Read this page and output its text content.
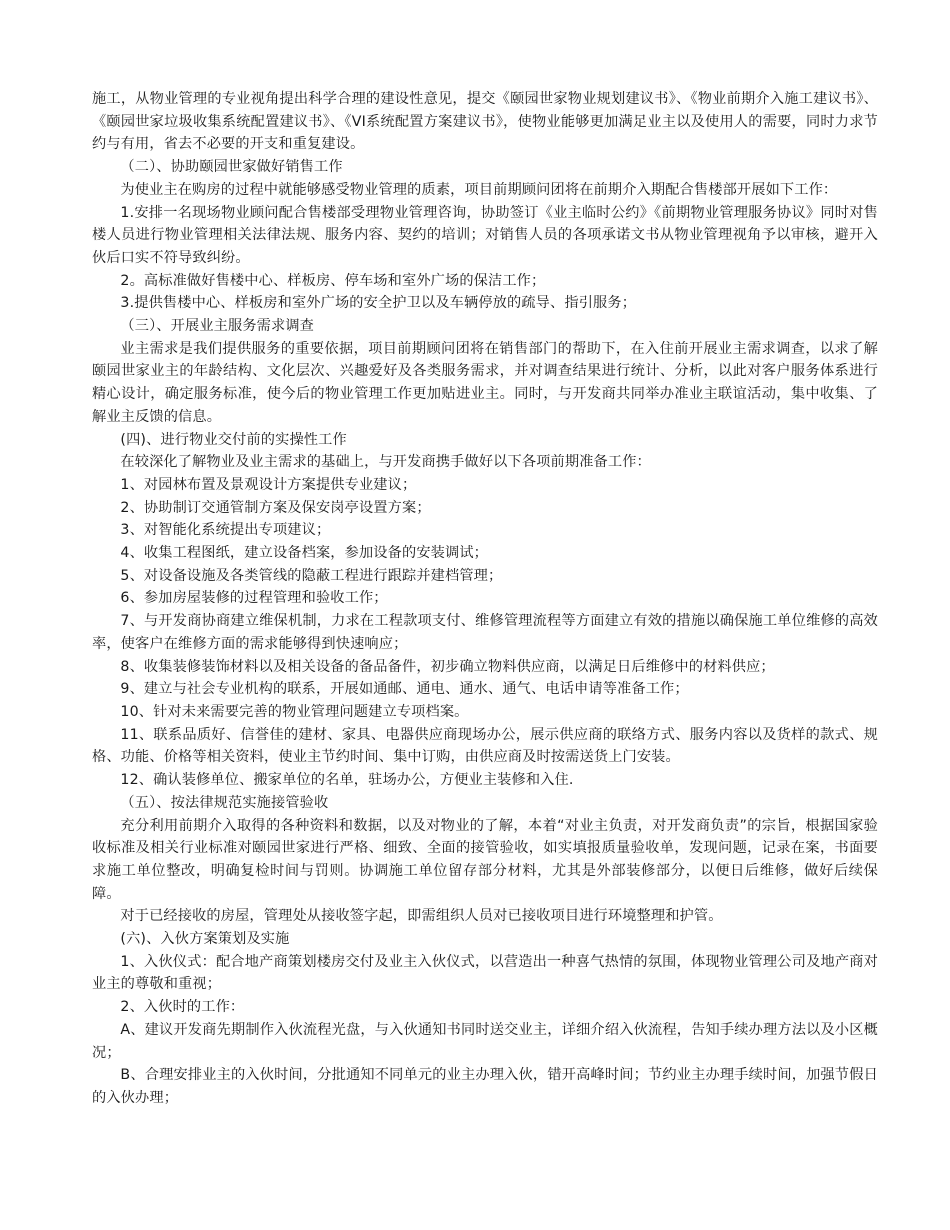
施工，从物业管理的专业视角提出科学合理的建设性意见，提交《颐园世家物业规划建议书》、《物业前期介入施工建议书》、《颐园世家垃圾收集系统配置建议书》、《VI系统配置方案建议书》，使物业能够更加满足业主以及使用人的需要，同时力求节约与有用，省去不必要的开支和重复建设。

（二）、协助颐园世家做好销售工作

为使业主在购房的过程中就能够感受物业管理的质素，项目前期顾问团将在前期介入期配合售楼部开展如下工作：

1.安排一名现场物业顾问配合售楼部受理物业管理咨询，协助签订《业主临时公约》《前期物业管理服务协议》同时对售楼人员进行物业管理相关法律法规、服务内容、契约的培训；对销售人员的各项承诺文书从物业管理视角予以审核，避开入伙后口实不符导致纠纷。

2。高标准做好售楼中心、样板房、停车场和室外广场的保洁工作；

3.提供售楼中心、样板房和室外广场的安全护卫以及车辆停放的疏导、指引服务；

（三）、开展业主服务需求调查

业主需求是我们提供服务的重要依据，项目前期顾问团将在销售部门的帮助下，在入住前开展业主需求调查，以求了解颐园世家业主的年龄结构、文化层次、兴趣爱好及各类服务需求，并对调查结果进行统计、分析，以此对客户服务体系进行精心设计，确定服务标准，使今后的物业管理工作更加贴进业主。同时，与开发商共同举办准业主联谊活动，集中收集、了解业主反馈的信息。

(四)、进行物业交付前的实操性工作

在较深化了解物业及业主需求的基础上，与开发商携手做好以下各项前期准备工作：

1、对园林布置及景观设计方案提供专业建议；

2、协助制订交通管制方案及保安岗亭设置方案；

3、对智能化系统提出专项建议；

4、收集工程图纸，建立设备档案，参加设备的安装调试；

5、对设备设施及各类管线的隐蔽工程进行跟踪并建档管理；

6、参加房屋装修的过程管理和验收工作；

7、与开发商协商建立维保机制，力求在工程款项支付、维修管理流程等方面建立有效的措施以确保施工单位维修的高效率，使客户在维修方面的需求能够得到快速响应；

8、收集装修装饰材料以及相关设备的备品备件，初步确立物料供应商，以满足日后维修中的材料供应；

9、建立与社会专业机构的联系，开展如通邮、通电、通水、通气、电话申请等准备工作；

10、针对未来需要完善的物业管理问题建立专项档案。

11、联系品质好、信誉佳的建材、家具、电器供应商现场办公，展示供应商的联络方式、服务内容以及货样的款式、规格、功能、价格等相关资料，使业主节约时间、集中订购，由供应商及时按需送货上门安装。

12、确认装修单位、搬家单位的名单，驻场办公，方便业主装修和入住.

（五）、按法律规范实施接管验收

充分利用前期介入取得的各种资料和数据，以及对物业的了解，本着“对业主负责，对开发商负责”的宗旨，根据国家验收标准及相关行业标准对颐园世家进行严格、细致、全面的接管验收，如实填报质量验收单，发现问题，记录在案，书面要求施工单位整改，明确复检时间与罚则。协调施工单位留存部分材料，尤其是外部装修部分，以便日后维修，做好后续保障。

对于已经接收的房屋，管理处从接收签字起，即需组织人员对已接收项目进行环境整理和护管。

(六)、入伙方案策划及实施

1、入伙仪式：配合地产商策划楼房交付及业主入伙仪式，以营造出一种喜气热情的氛围，体现物业管理公司及地产商对业主的尊敬和重视；

2、入伙时的工作：

A、建议开发商先期制作入伙流程光盘，与入伙通知书同时送交业主，详细介绍入伙流程，告知手续办理方法以及小区概况；

B、合理安排业主的入伙时间，分批通知不同单元的业主办理入伙，错开高峰时间；节约业主办理手续时间，加强节假日的入伙办理；
